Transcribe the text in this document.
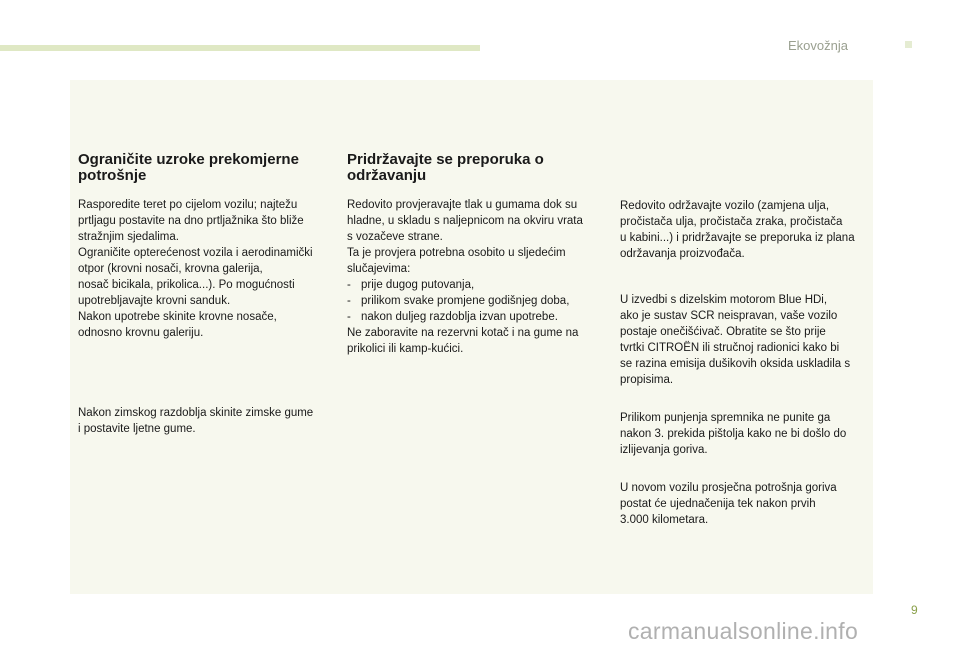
Ekovožnja
Ograničite uzroke prekomjerne potrošnje

Rasporedite teret po cijelom vozilu; najtežu
prtljagu postavite na dno prtljažnika što bliže
stražnjim sjedalima.
Ograničite opterećenost vozila i aerodinamički
otpor (krovni nosači, krovna galerija,
nosač bicikala, prikolica...). Po mogućnosti
upotrebljavajte krovni sanduk.
Nakon upotrebe skinite krovne nosače,
odnosno krovnu galeriju.

Nakon zimskog razdoblja skinite zimske gume
i postavite ljetne gume.

Pridržavajte se preporuka o održavanju

Redovito provjeravajte tlak u gumama dok su
hladne, u skladu s naljepnicom na okviru vrata
s vozačeve strane.
Ta je provjera potrebna osobito u sljedećim
slučajevima:

- prije dugog putovanja,
- prilikom svake promjene godišnjeg doba,
- nakon duljeg razdoblja izvan upotrebe.

Ne zaboravite na rezervni kotač i na gume na
prikolici ili kamp-kućici.

Redovito održavajte vozilo (zamjena ulja,
pročistača ulja, pročistača zraka, pročistača
u kabini...) i pridržavajte se preporuka iz plana
održavanja proizvođača.

U izvedbi s dizelskim motorom Blue HDi,
ako je sustav SCR neispravan, vaše vozilo
postaje onečišćivač. Obratite se što prije
tvrtki CITROËN ili stručnoj radionici kako bi
se razina emisija dušikovih oksida uskladila s
propisima.

Prilikom punjenja spremnika ne punite ga
nakon 3. prekida pištolja kako ne bi došlo do
izlijevanja goriva.

U novom vozilu prosječna potrošnja goriva
postat će ujednačenija tek nakon prvih
3.000 kilometara.

9
carmanualsonline.info
